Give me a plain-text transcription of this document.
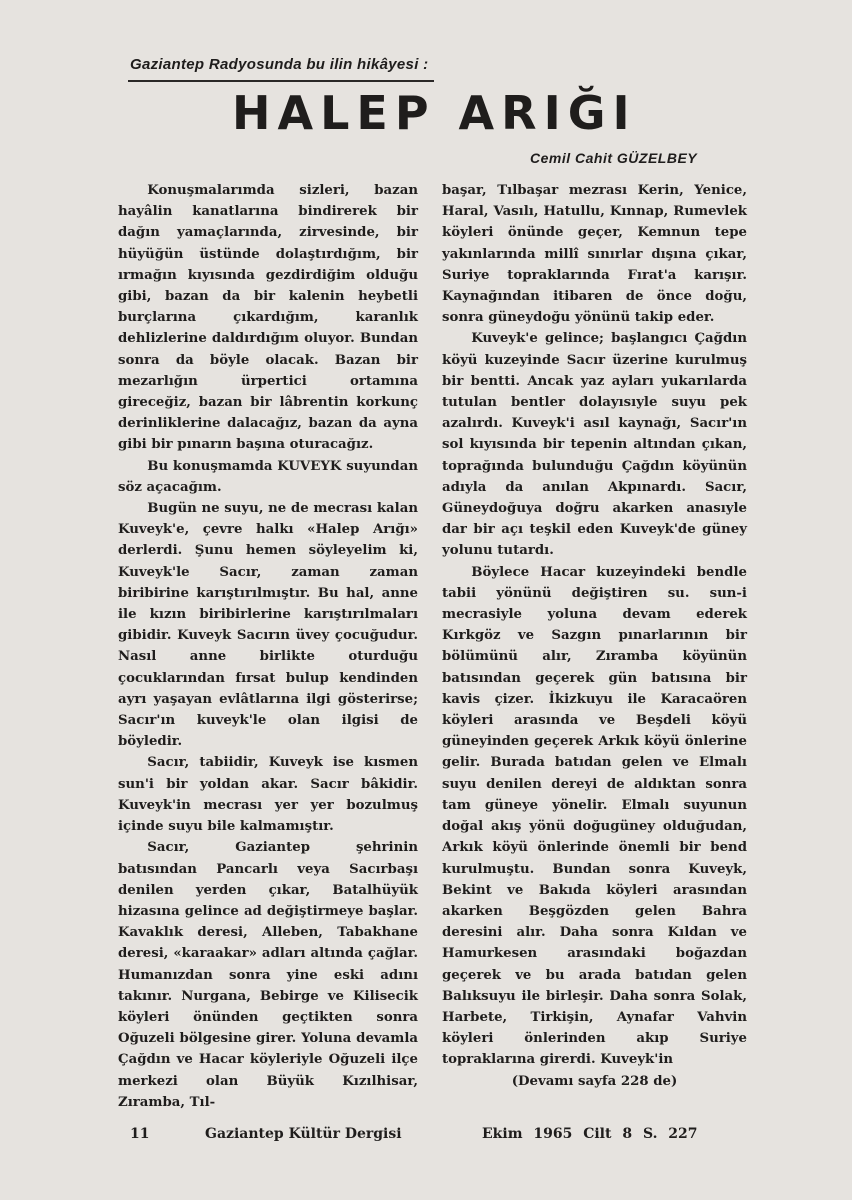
Gaziantep Radyosunda bu ilin hikâyesi :
HALEP ARIĞI
Cemil Cahit GÜZELBEY

Konuşmalarımda sizleri, bazan hayâlin kanatlarına bindirerek bir dağın yamaçlarında, zirvesinde, bir hüyüğün üstünde dolaştırdığım, bir ırmağın kıyısında gezdirdiğim olduğu gibi, bazan da bir kalenin heybetli burçlarına çıkardığım, karanlık dehlizlerine daldırdığım oluyor. Bundan sonra da böyle olacak. Bazan bir mezarlığın ürpertici ortamına gireceğiz, bazan bir lâbrentin korkunç derinliklerine dalacağız, bazan da ayna gibi bir pınarın başına oturacağız.

Bu konuşmamda KUVEYK suyundan söz açacağım.

Bugün ne suyu, ne de mecrası kalan Kuveyk'e, çevre halkı «Halep Arığı» derlerdi. Şunu hemen söyleyelim ki, Kuveyk'le Sacır, zaman zaman biribirine karıştırılmıştır. Bu hal, anne ile kızın biribirlerine karıştırılmaları gibidir. Kuveyk Sacırın üvey çocuğudur. Nasıl anne birlikte oturduğu çocuklarından fırsat bulup kendinden ayrı yaşayan evlâtlarına ilgi gösterirse; Sacır'ın kuveyk'le olan ilgisi de böyledir.

Sacır, tabiidir, Kuveyk ise kısmen sun'i bir yoldan akar. Sacır bâkidir. Kuveyk'in mecrası yer yer bozulmuş içinde suyu bile kalmamıştır.

Sacır, Gaziantep şehrinin batısından Pancarlı veya Sacırbaşı denilen yerden çıkar, Batalhüyük hizasına gelince ad değiştirmeye başlar. Kavaklık deresi, Alleben, Tabakhane deresi, «karaakar» adları altında çağlar. Humanızdan sonra yine eski adını takınır. Nurgana, Bebirge ve Kilisecik köyleri önünden geçtikten sonra Oğuzeli bölgesine girer. Yoluna devamla Çağdın ve Hacar köyleriyle Oğuzeli ilçe merkezi olan Büyük Kızılhisar, Zıramba, Tıl-

başar, Tılbaşar mezrası Kerin, Yenice, Haral, Vasılı, Hatullu, Kınnap, Rumevlek köyleri önünde geçer, Kemnun tepe yakınlarında millî sınırlar dışına çıkar, Suriye topraklarında Fırat'a karışır. Kaynağından itibaren de önce doğu, sonra güneydoğu yönünü takip eder.

Kuveyk'e gelince; başlangıcı Çağdın köyü kuzeyinde Sacır üzerine kurulmuş bir bentti. Ancak yaz ayları yukarılarda tutulan bentler dolayısıyle suyu pek azalırdı. Kuveyk'i asıl kaynağı, Sacır'ın sol kıyısında bir tepenin altından çıkan, toprağında bulunduğu Çağdın köyünün adıyla da anılan Akpınardı. Sacır, Güneydoğuya doğru akarken anasıyle dar bir açı teşkil eden Kuveyk'de güney yolunu tutardı.

Böylece Hacar kuzeyindeki bendle tabii yönünü değiştiren su. sun-i mecrasiyle yoluna devam ederek Kırkgöz ve Sazgın pınarlarının bir bölümünü alır, Zıramba köyünün batısından geçerek gün batısına bir kavis çizer. İkizkuyu ile Karacaören köyleri arasında ve Beşdeli köyü güneyinden geçerek Arkık köyü önlerine gelir. Burada batıdan gelen ve Elmalı suyu denilen dereyi de aldıktan sonra tam güneye yönelir. Elmalı suyunun doğal akış yönü doğugüney olduğudan, Arkık köyü önlerinde önemli bir bend kurulmuştu. Bundan sonra Kuveyk, Bekint ve Bakıda köyleri arasından akarken Beşgözden gelen Bahra deresini alır. Daha sonra Kıldan ve Hamurkesen arasındaki boğazdan geçerek ve bu arada batıdan gelen Balıksuyu ile birleşir. Daha sonra Solak, Harbete, Tirkişin, Aynafar Vahvin köyleri önlerinden akıp Suriye topraklarına girerdi. Kuveyk'in

(Devamı sayfa 228 de)

11	Gaziantep Kültür Dergisi	Ekim 1965 Cilt 8 S. 227
